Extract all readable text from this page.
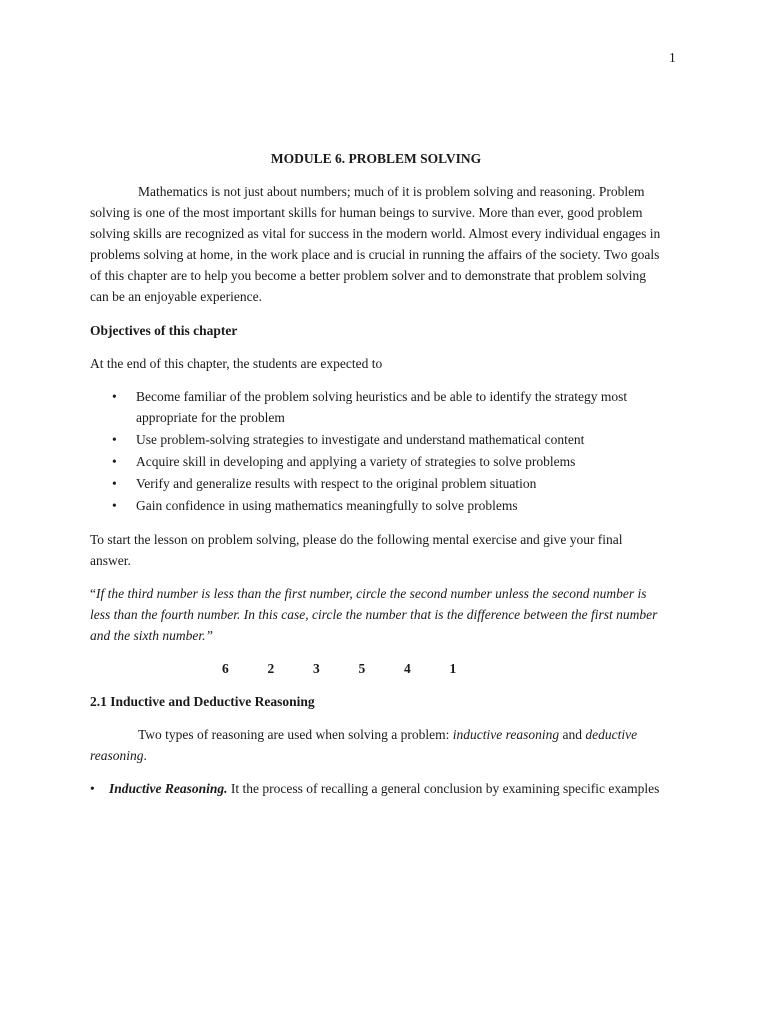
1
MODULE 6. PROBLEM SOLVING

Mathematics is not just about numbers; much of it is problem solving and reasoning. Problem solving is one of the most important skills for human beings to survive. More than ever, good problem solving skills are recognized as vital for success in the modern world. Almost every individual engages in problems solving at home, in the work place and is crucial in running the affairs of the society. Two goals of this chapter are to help you become a better problem solver and to demonstrate that problem solving can be an enjoyable experience.

Objectives of this chapter

At the end of this chapter, the students are expected to

• Become familiar of the problem solving heuristics and be able to identify the strategy most appropriate for the problem
• Use problem-solving strategies to investigate and understand mathematical content
• Acquire skill in developing and applying a variety of strategies to solve problems
• Verify and generalize results with respect to the original problem situation
• Gain confidence in using mathematics meaningfully to solve problems

To start the lesson on problem solving, please do the following mental exercise and give your final answer.

“If the third number is less than the first number, circle the second number unless the second number is less than the fourth number. In this case, circle the number that is the difference between the first number and the sixth number.”

6	2	3	5	4	1

2.1 Inductive and Deductive Reasoning

Two types of reasoning are used when solving a problem: inductive reasoning and deductive reasoning.

• Inductive Reasoning. It the process of recalling a general conclusion by examining specific examples
